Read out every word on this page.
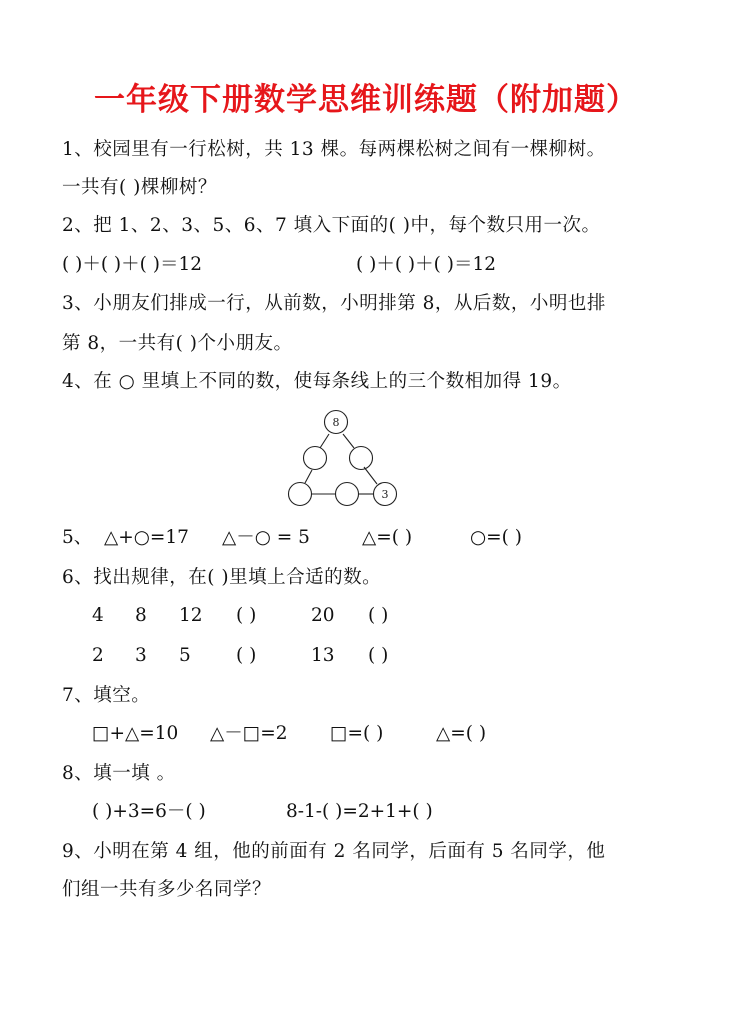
一年级下册数学思维训练题（附加题）
1、校园里有一行松树，共 13 棵。每两棵松树之间有一棵柳树。
一共有( )棵柳树？
2、把 1、2、3、5、6、7 填入下面的( )中，每个数只用一次。
( )＋( )＋( )＝12	( )＋( )＋( )＝12
3、小朋友们排成一行，从前数，小明排第 8，从后数，小明也排
第 8，一共有( )个小朋友。
4、在 ○ 里填上不同的数，使每条线上的三个数相加得 19。
8
3
5、 △+○=17 △－○ = 5	△=( )	○=( )
6、找出规律，在( )里填上合适的数。
4 8 12 ( )	20 ( )
2 3 5 ( )	13 ( )
7、填空。
□+△=10 △－□=2 □=( )	△=( )
8、填一填 。
( )+3=6－( )	8-1-( )=2+1+( )
9、小明在第 4 组，他的前面有 2 名同学，后面有 5 名同学，他
们组一共有多少名同学？
